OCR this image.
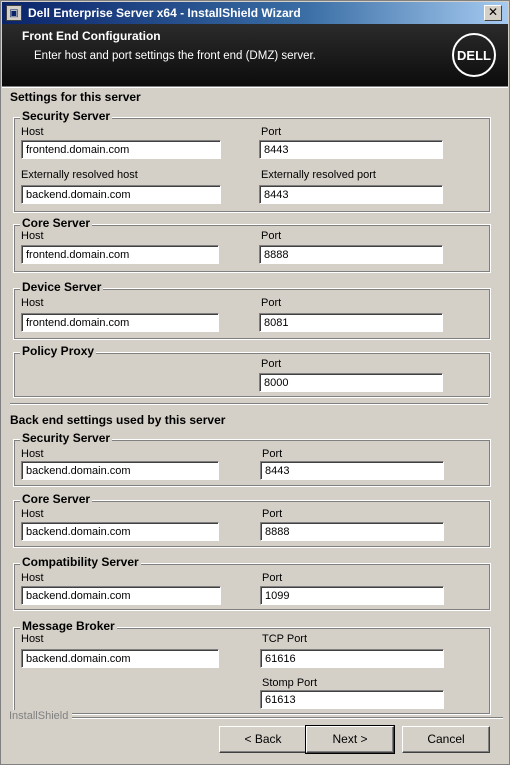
▣ Dell Enterprise Server x64 - InstallShield Wizard	✕
Front End Configuration
Enter host and port settings the front end (DMZ) server.	DELL
Settings for this server
Security Server
Host
frontend.domain.com	Port
8443
Externally resolved host
backend.domain.com	Externally resolved port
8443
Core Server
Host
frontend.domain.com	Port
8888
Device Server
Host
frontend.domain.com	Port
8081
Policy Proxy
Port
8000
Back end settings used by this server
Security Server
Host
backend.domain.com	Port
8443
Core Server
Host
backend.domain.com	Port
8888
Compatibility Server
Host
backend.domain.com	Port
1099
Message Broker
Host
backend.domain.com	TCP Port
61616
Stomp Port
61613
InstallShield
< Back	Next >	Cancel
